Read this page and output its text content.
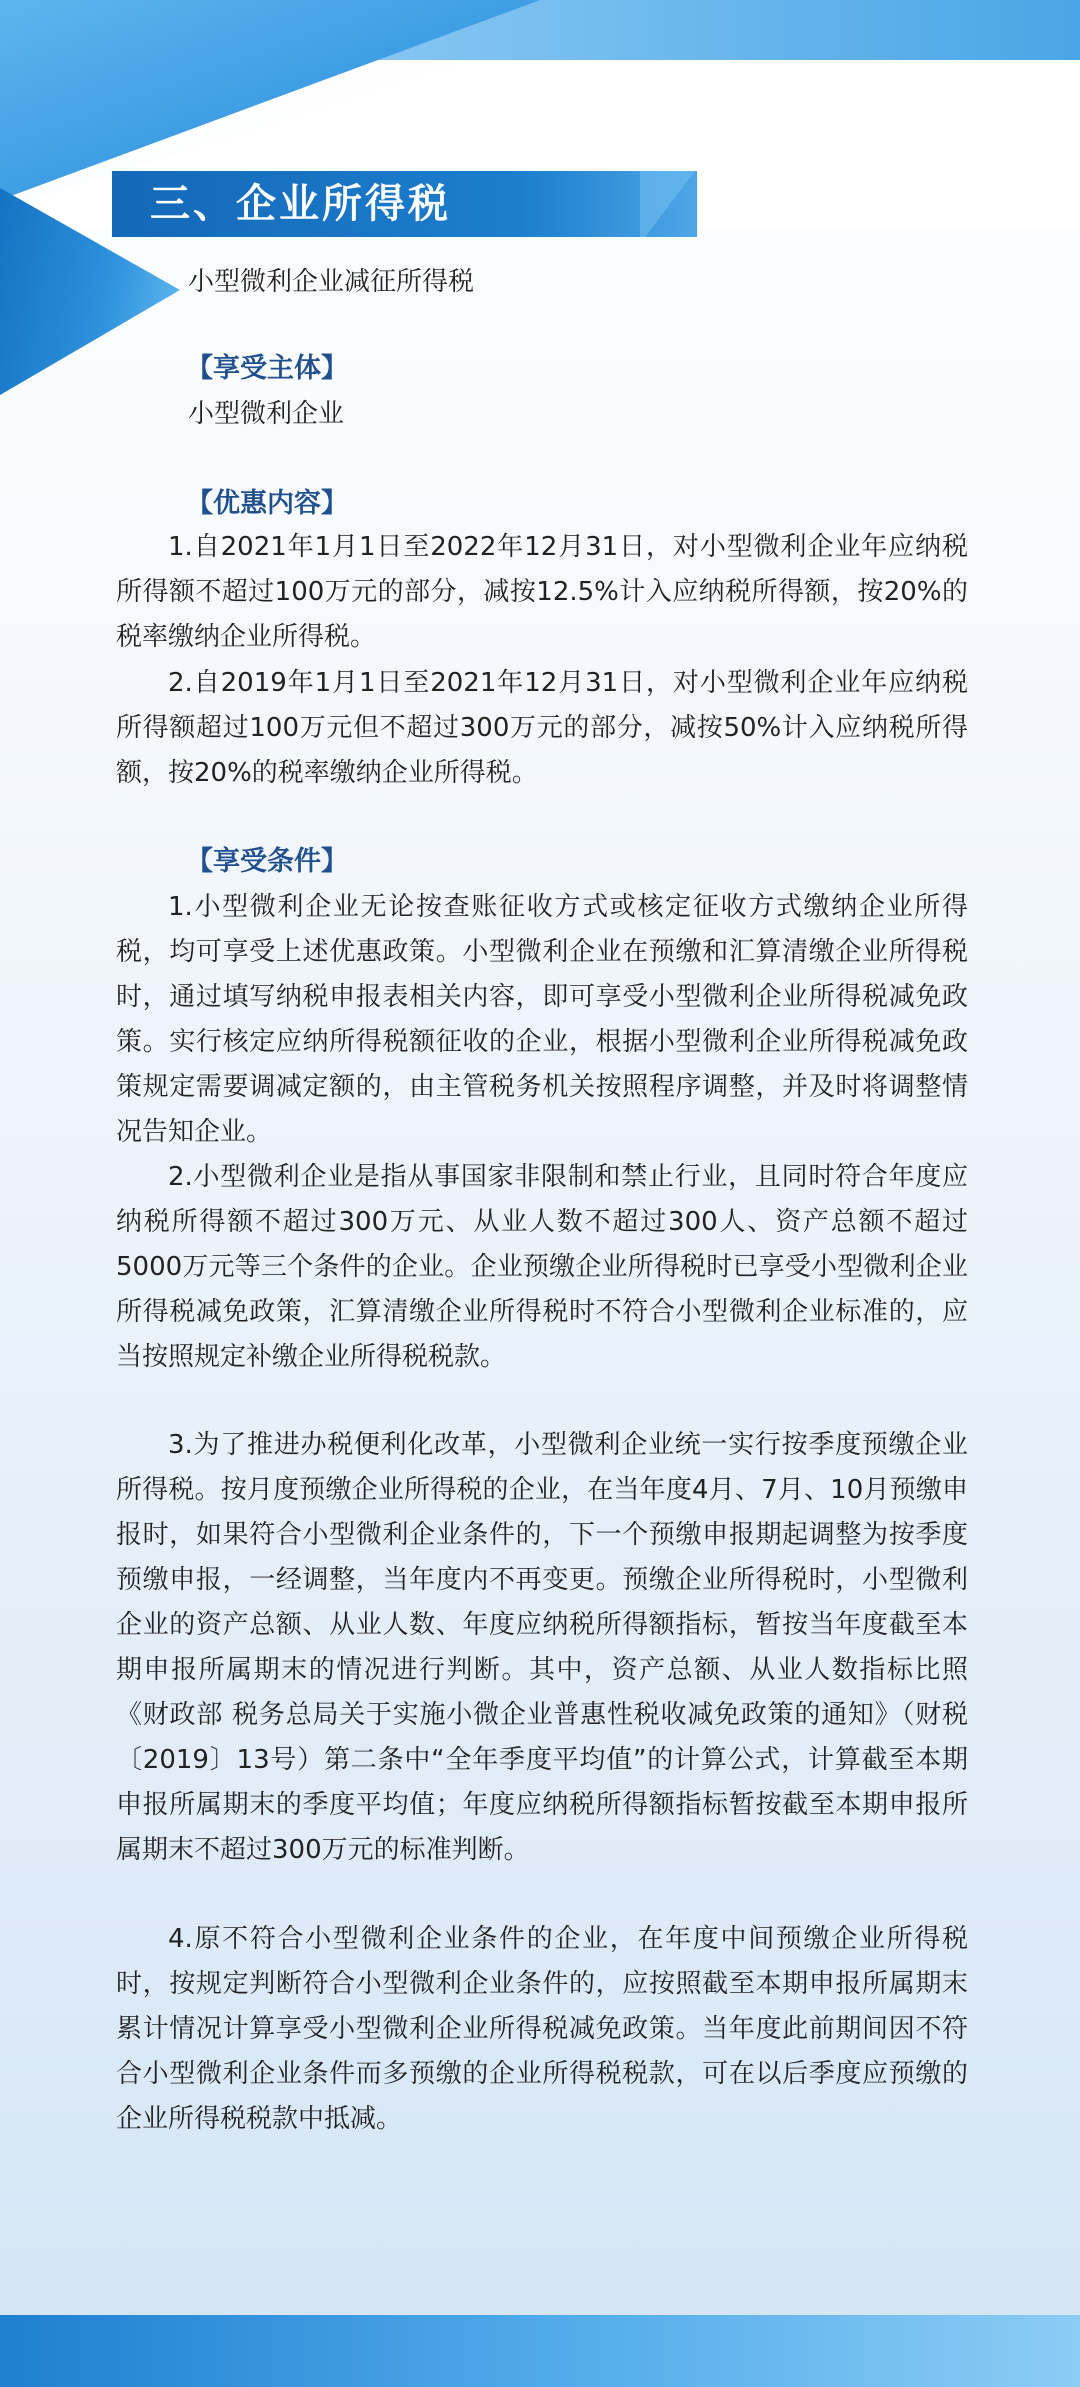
三、企业所得税
小型微利企业减征所得税
【享受主体】
小型微利企业
【优惠内容】
1.自2021年1月1日至2022年12月31日，对小型微利企业年应纳税所得额不超过100万元的部分，减按12.5%计入应纳税所得额，按20%的税率缴纳企业所得税。
2.自2019年1月1日至2021年12月31日，对小型微利企业年应纳税所得额超过100万元但不超过300万元的部分，减按50%计入应纳税所得额，按20%的税率缴纳企业所得税。
【享受条件】
1.小型微利企业无论按查账征收方式或核定征收方式缴纳企业所得税，均可享受上述优惠政策。小型微利企业在预缴和汇算清缴企业所得税时，通过填写纳税申报表相关内容，即可享受小型微利企业所得税减免政策。实行核定应纳所得税额征收的企业，根据小型微利企业所得税减免政策规定需要调减定额的，由主管税务机关按照程序调整，并及时将调整情况告知企业。
2.小型微利企业是指从事国家非限制和禁止行业，且同时符合年度应纳税所得额不超过300万元、从业人数不超过300人、资产总额不超过5000万元等三个条件的企业。企业预缴企业所得税时已享受小型微利企业所得税减免政策，汇算清缴企业所得税时不符合小型微利企业标准的，应当按照规定补缴企业所得税税款。
3.为了推进办税便利化改革，小型微利企业统一实行按季度预缴企业所得税。按月度预缴企业所得税的企业，在当年度4月、7月、10月预缴申报时，如果符合小型微利企业条件的，下一个预缴申报期起调整为按季度预缴申报，一经调整，当年度内不再变更。预缴企业所得税时，小型微利企业的资产总额、从业人数、年度应纳税所得额指标，暂按当年度截至本期申报所属期末的情况进行判断。其中，资产总额、从业人数指标比照《财政部 税务总局关于实施小微企业普惠性税收减免政策的通知》（财税〔2019〕13号）第二条中“全年季度平均值”的计算公式，计算截至本期申报所属期末的季度平均值；年度应纳税所得额指标暂按截至本期申报所属期末不超过300万元的标准判断。
4.原不符合小型微利企业条件的企业，在年度中间预缴企业所得税时，按规定判断符合小型微利企业条件的，应按照截至本期申报所属期末累计情况计算享受小型微利企业所得税减免政策。当年度此前期间因不符合小型微利企业条件而多预缴的企业所得税税款，可在以后季度应预缴的企业所得税税款中抵减。
